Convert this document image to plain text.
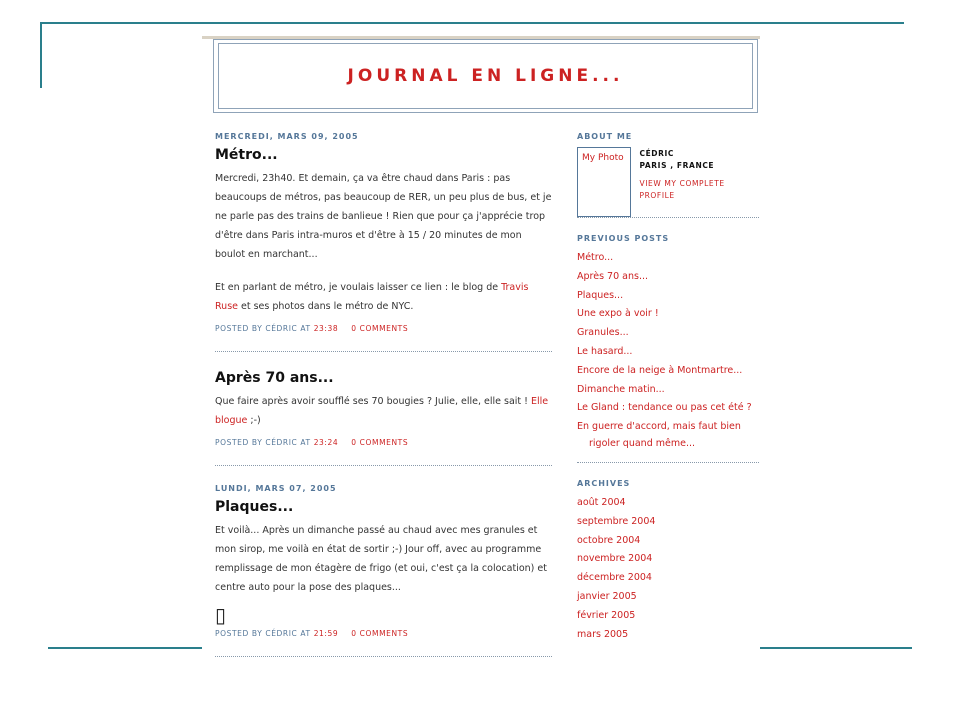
JOURNAL EN LIGNE...
MERCREDI, MARS 09, 2005
Métro...

Mercredi, 23h40. Et demain, ça va être chaud dans Paris : pas beaucoups de métros, pas beaucoup de RER, un peu plus de bus, et je ne parle pas des trains de banlieue ! Rien que pour ça j'apprécie trop d'être dans Paris intra-muros et d'être à 15 / 20 minutes de mon boulot en marchant...

Et en parlant de métro, je voulais laisser ce lien : le blog de Travis Ruse et ses photos dans le métro de NYC.

POSTED BY CÉDRIC AT 23:38 0 COMMENTS
Après 70 ans...

Que faire après avoir soufflé ses 70 bougies ? Julie, elle, elle sait ! Elle blogue ;-)

POSTED BY CÉDRIC AT 23:24 0 COMMENTS
LUNDI, MARS 07, 2005
Plaques...

Et voilà... Après un dimanche passé au chaud avec mes granules et mon sirop, me voilà en état de sortir ;-) Jour off, avec au programme remplissage de mon étagère de frigo (et oui, c'est ça la colocation) et centre auto pour la pose des plaques...

▯
POSTED BY CÉDRIC AT 21:59 0 COMMENTS
ABOUT ME
My Photo	CÉDRIC
PARIS , FRANCE
VIEW MY COMPLETE PROFILE
PREVIOUS POSTS
Métro...
Après 70 ans...
Plaques...
Une expo à voir !
Granules...
Le hasard...
Encore de la neige à Montmartre...
Dimanche matin...
Le Gland : tendance ou pas cet été ?
En guerre d'accord, mais faut bien
rigoler quand même...
ARCHIVES
août 2004
septembre 2004
octobre 2004
novembre 2004
décembre 2004
janvier 2005
février 2005
mars 2005
